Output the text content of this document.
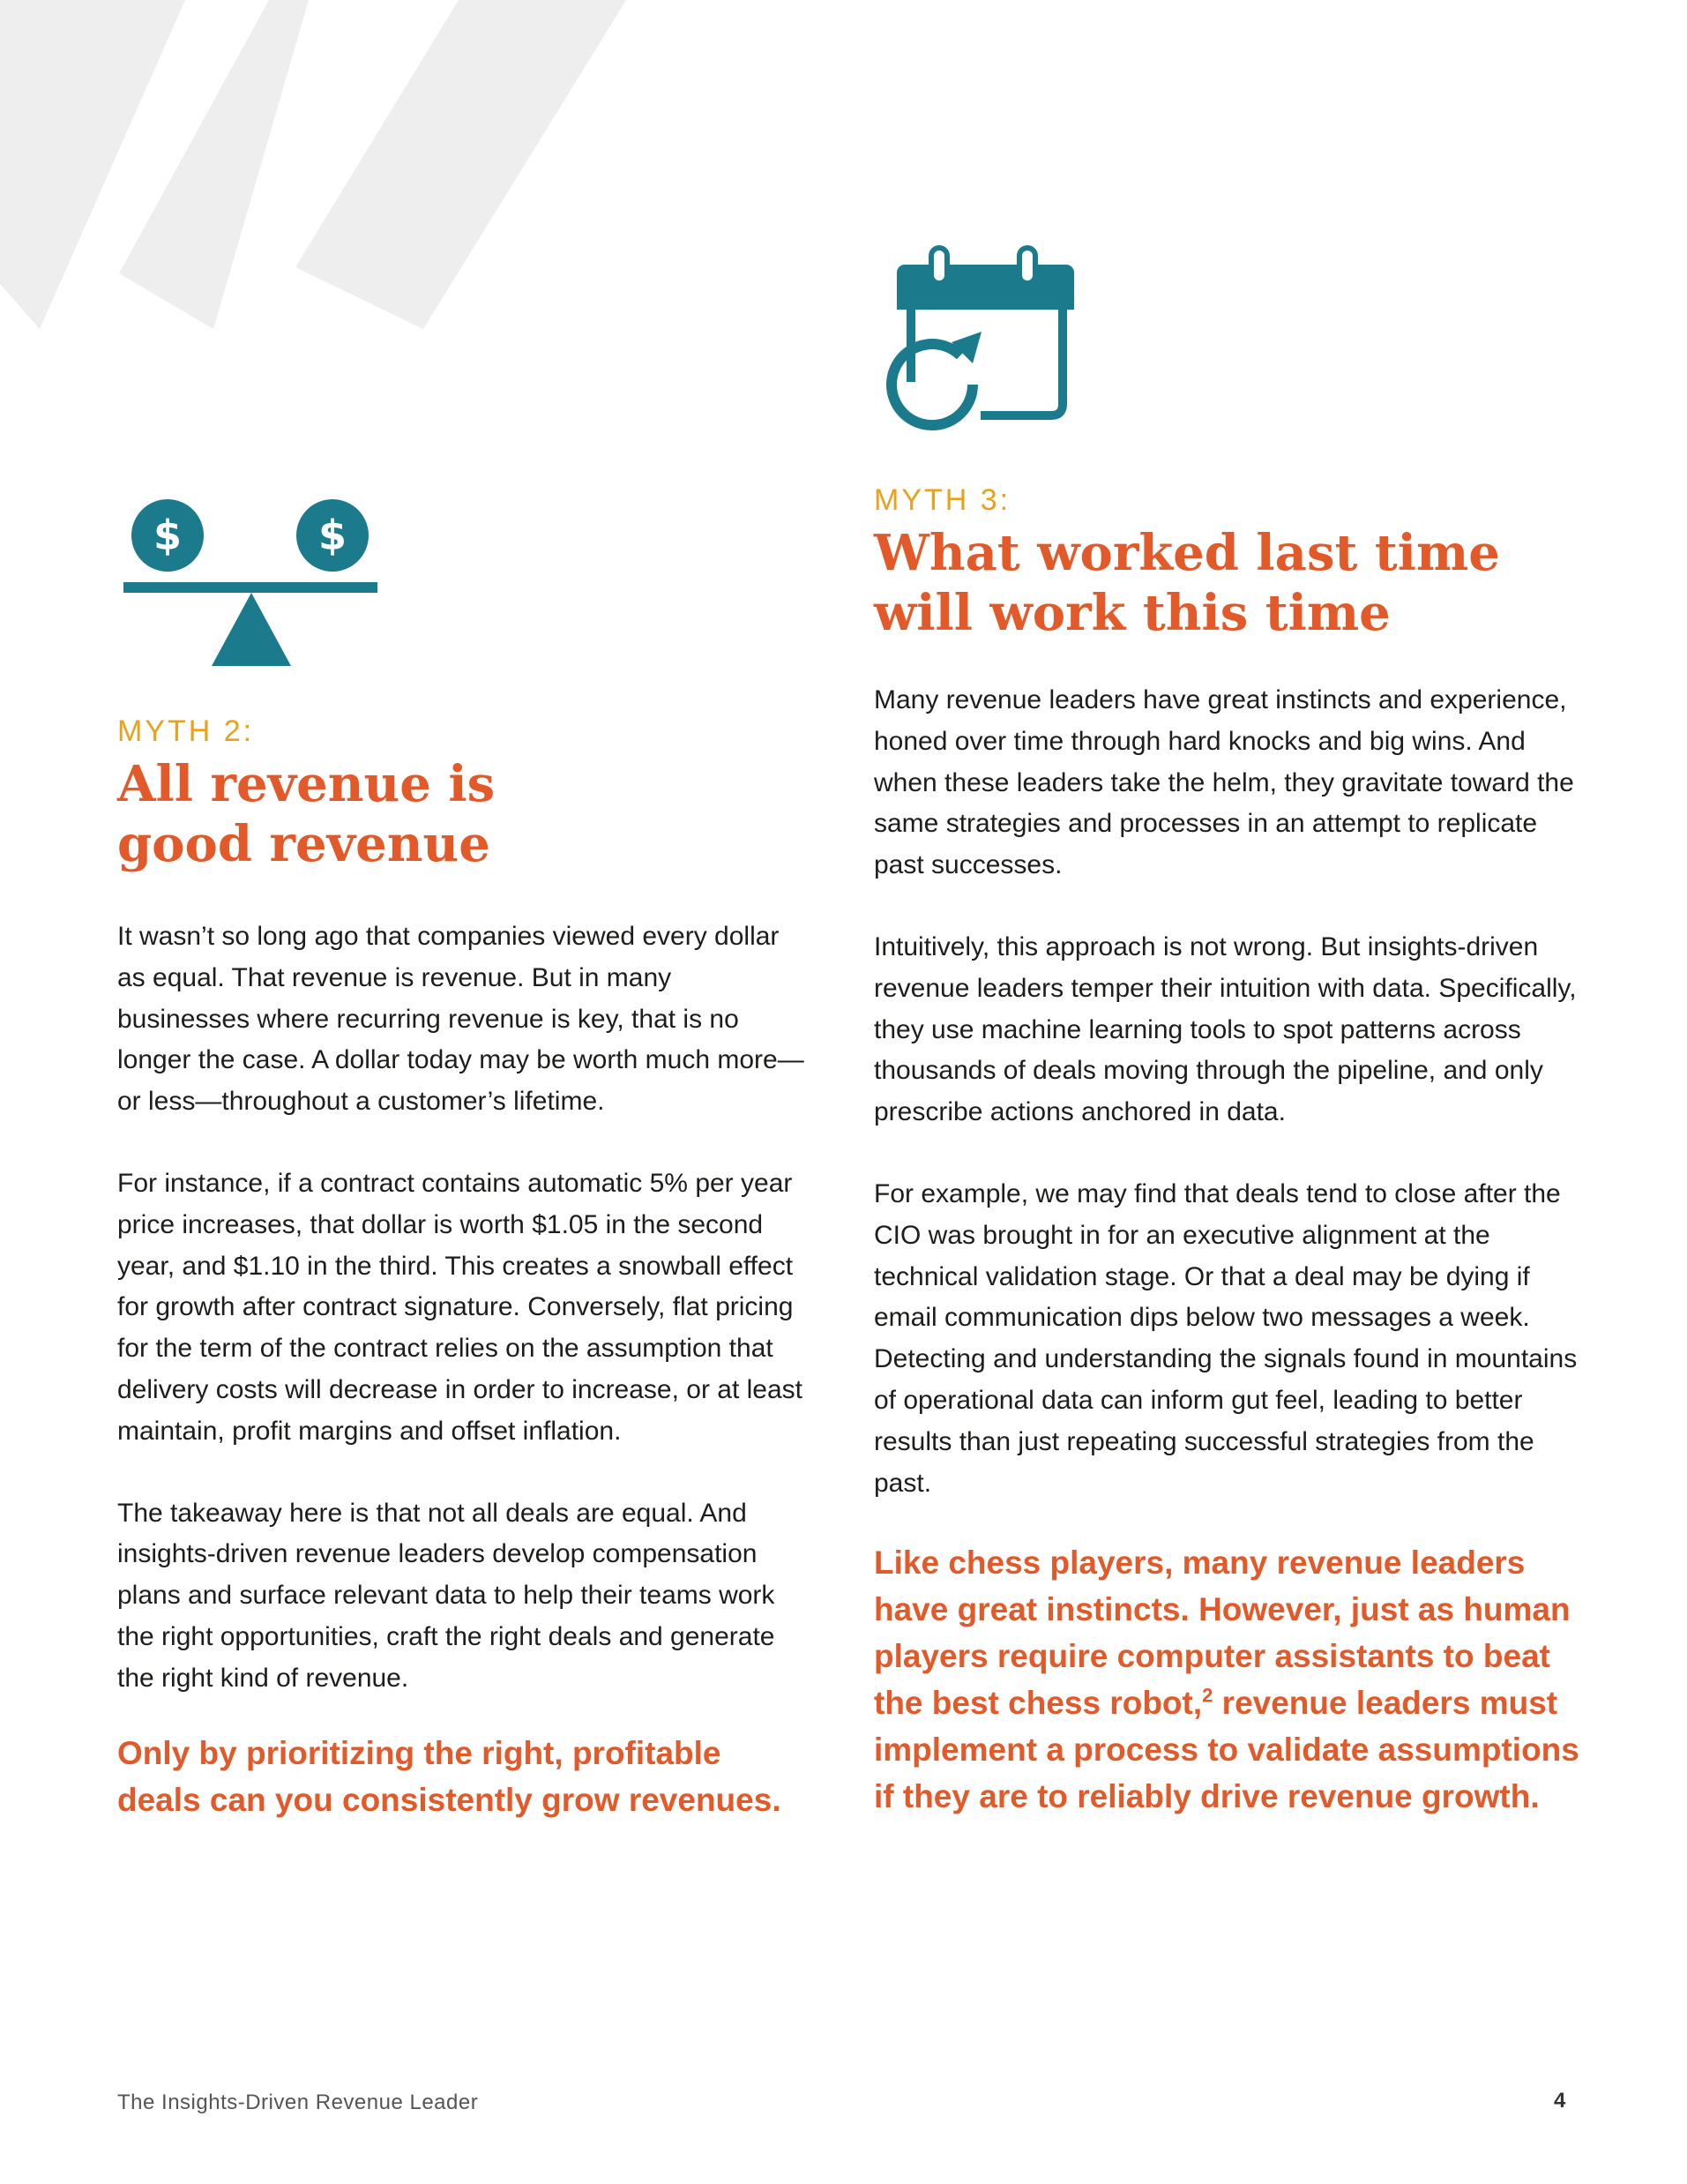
$	$

MYTH 2:

All revenue is
good revenue

It wasn’t so long ago that companies viewed every dollar as equal. That revenue is revenue. But in many businesses where recurring revenue is key, that is no longer the case. A dollar today may be worth much more—or less—throughout a customer’s lifetime.

For instance, if a contract contains automatic 5% per year price increases, that dollar is worth $1.05 in the second year, and $1.10 in the third. This creates a snowball effect for growth after contract signature. Conversely, flat pricing for the term of the contract relies on the assumption that delivery costs will decrease in order to increase, or at least maintain, profit margins and offset inflation.

The takeaway here is that not all deals are equal. And insights-driven revenue leaders develop compensation plans and surface relevant data to help their teams work the right opportunities, craft the right deals and generate the right kind of revenue.

Only by prioritizing the right, profitable deals can you consistently grow revenues.

MYTH 3:

What worked last time
will work this time

Many revenue leaders have great instincts and experience, honed over time through hard knocks and big wins. And when these leaders take the helm, they gravitate toward the same strategies and processes in an attempt to replicate past successes.

Intuitively, this approach is not wrong. But insights-driven revenue leaders temper their intuition with data. Specifically, they use machine learning tools to spot patterns across thousands of deals moving through the pipeline, and only prescribe actions anchored in data.

For example, we may find that deals tend to close after the CIO was brought in for an executive alignment at the technical validation stage. Or that a deal may be dying if email communication dips below two messages a week. Detecting and understanding the signals found in mountains of operational data can inform gut feel, leading to better results than just repeating successful strategies from the past.

Like chess players, many revenue leaders have great instincts. However, just as human players require computer assistants to beat the best chess robot,$^2$ revenue leaders must implement a process to validate assumptions if they are to reliably drive revenue growth.

The Insights-Driven Revenue Leader	4
